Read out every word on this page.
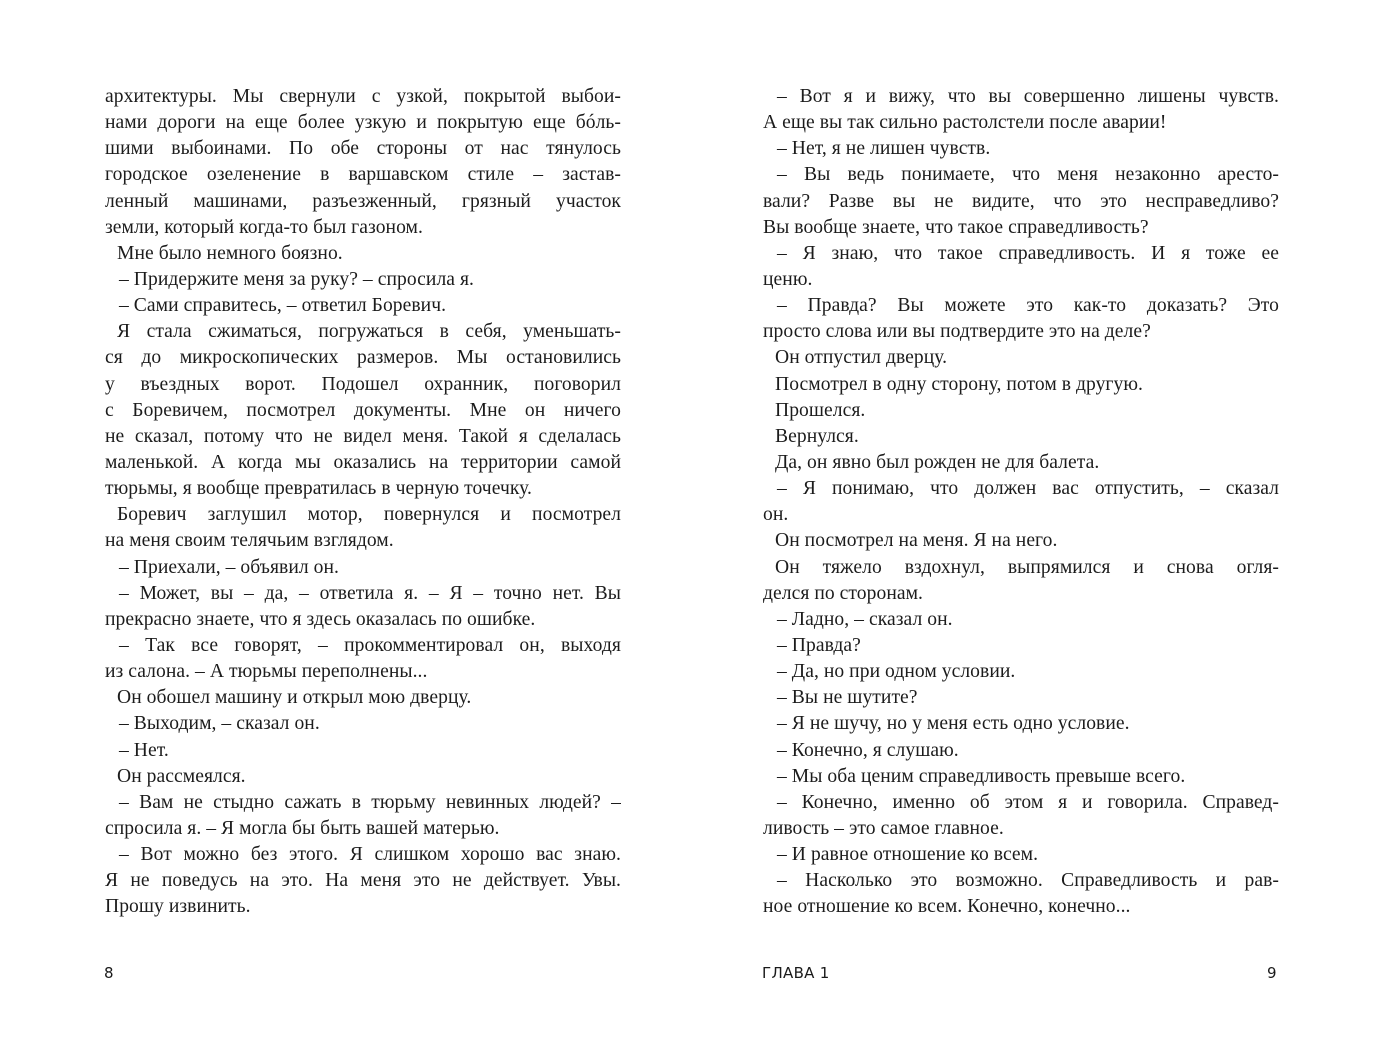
архитектуры. Мы свернули с узкой, покрытой выбои-
нами дороги на еще более узкую и покрытую еще бóль-
шими выбоинами. По обе стороны от нас тянулось
городское озеленение в варшавском стиле – застав-
ленный машинами, разъезженный, грязный участок
земли, который когда-то был газоном.
Мне было немного боязно.
– Придержите меня за руку? – спросила я.
– Сами справитесь, – ответил Боревич.
Я стала сжиматься, погружаться в себя, уменьшать-
ся до микроскопических размеров. Мы остановились
у въездных ворот. Подошел охранник, поговорил
с Боревичем, посмотрел документы. Мне он ничего
не сказал, потому что не видел меня. Такой я сделалась
маленькой. А когда мы оказались на территории самой
тюрьмы, я вообще превратилась в черную точечку.
Боревич заглушил мотор, повернулся и посмотрел
на меня своим телячьим взглядом.
– Приехали, – объявил он.
– Может, вы – да, – ответила я. – Я – точно нет. Вы
прекрасно знаете, что я здесь оказалась по ошибке.
– Так все говорят, – прокомментировал он, выходя
из салона. – А тюрьмы переполнены...
Он обошел машину и открыл мою дверцу.
– Выходим, – сказал он.
– Нет.
Он рассмеялся.
– Вам не стыдно сажать в тюрьму невинных людей? –
спросила я. – Я могла бы быть вашей матерью.
– Вот можно без этого. Я слишком хорошо вас знаю.
Я не поведусь на это. На меня это не действует. Увы.
Прошу извинить.
8
– Вот я и вижу, что вы совершенно лишены чувств.
А еще вы так сильно растолстели после аварии!
– Нет, я не лишен чувств.
– Вы ведь понимаете, что меня незаконно аресто-
вали? Разве вы не видите, что это несправедливо?
Вы вообще знаете, что такое справедливость?
– Я знаю, что такое справедливость. И я тоже ее
ценю.
– Правда? Вы можете это как-то доказать? Это
просто слова или вы подтвердите это на деле?
Он отпустил дверцу.
Посмотрел в одну сторону, потом в другую.
Прошелся.
Вернулся.
Да, он явно был рожден не для балета.
– Я понимаю, что должен вас отпустить, – сказал
он.
Он посмотрел на меня. Я на него.
Он тяжело вздохнул, выпрямился и снова огля-
делся по сторонам.
– Ладно, – сказал он.
– Правда?
– Да, но при одном условии.
– Вы не шутите?
– Я не шучу, но у меня есть одно условие.
– Конечно, я слушаю.
– Мы оба ценим справедливость превыше всего.
– Конечно, именно об этом я и говорила. Справед-
ливость – это самое главное.
– И равное отношение ко всем.
– Насколько это возможно. Справедливость и рав-
ное отношение ко всем. Конечно, конечно...
ГЛАВА 1	9
